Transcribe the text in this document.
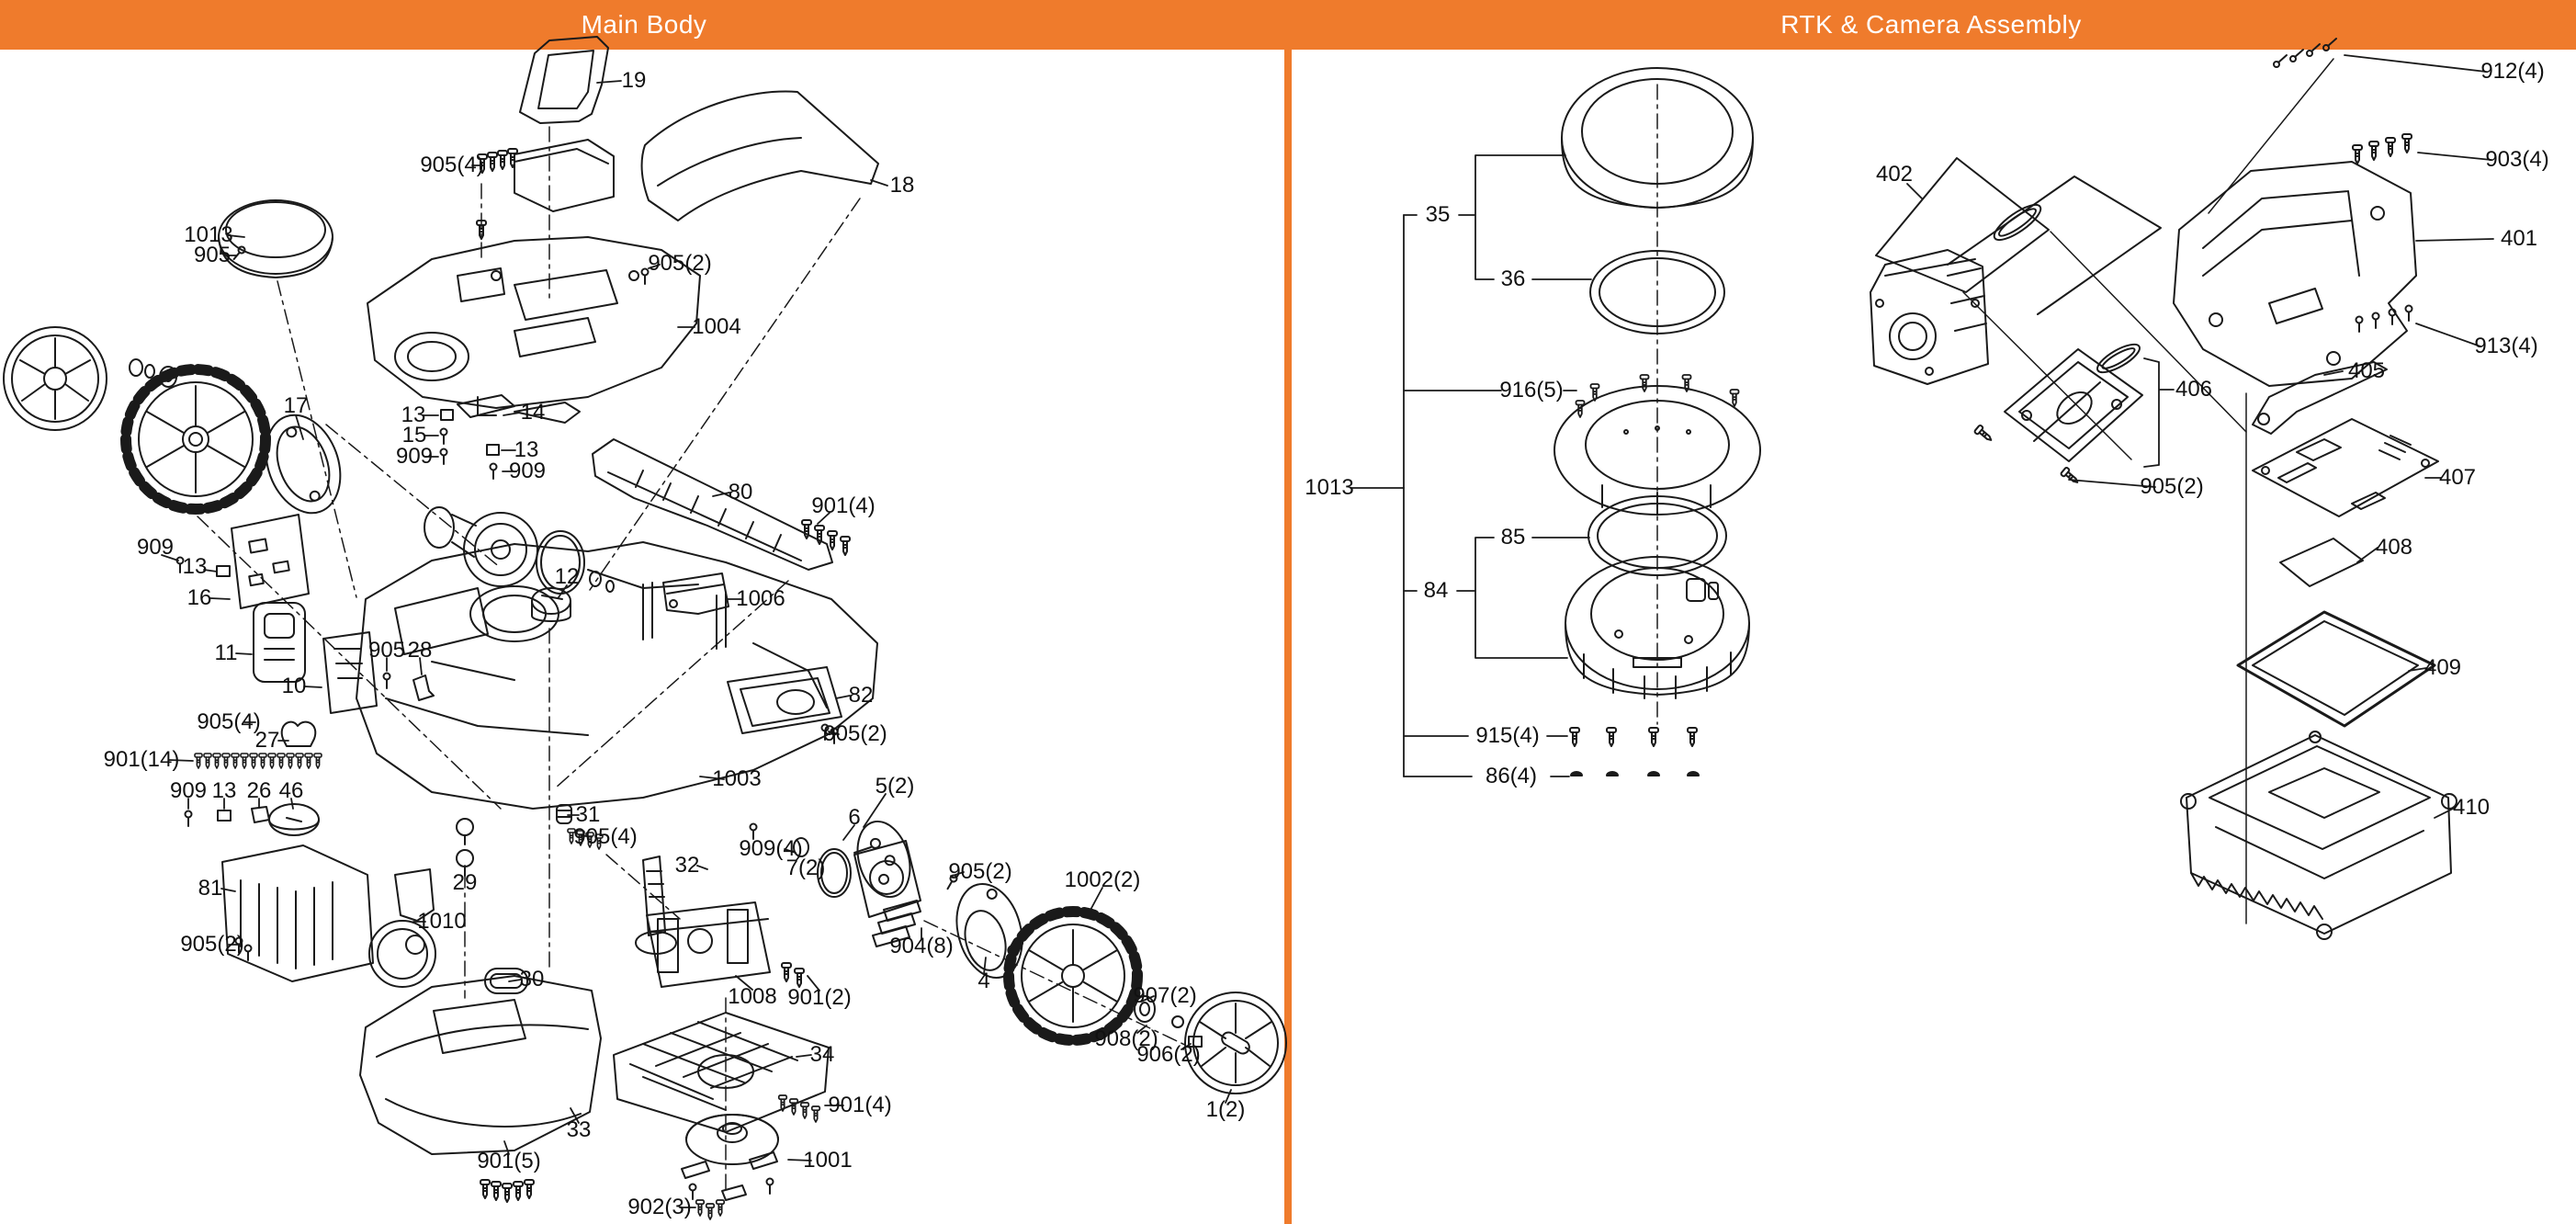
Main Body	RTK & Camera Assembly
19
905(4)
18
1013
905	905(2)
1004
17	13	14
15
909	13
909
80
901(4)
909
13
16
12
1006
11
10
905 28
82
905(2)
905(4)
27
901(14)
1003
909 13 26 46
31
905(4)
5(2)
6
909(4)
7(2)	905(2) 1002(2)
32
29
81
1010
905(2)
30
904(8)
4
1008 901(2)	907(2)
908(2)
906(2)
34
901(4)
33
901(5)	1001
902(3)
1(2)
912(4)
903(4)
402
401
913(4)
405
406
905(2)	407
408
409
410
35
36
916(5)
1013
85
84
915(4)
86(4)
